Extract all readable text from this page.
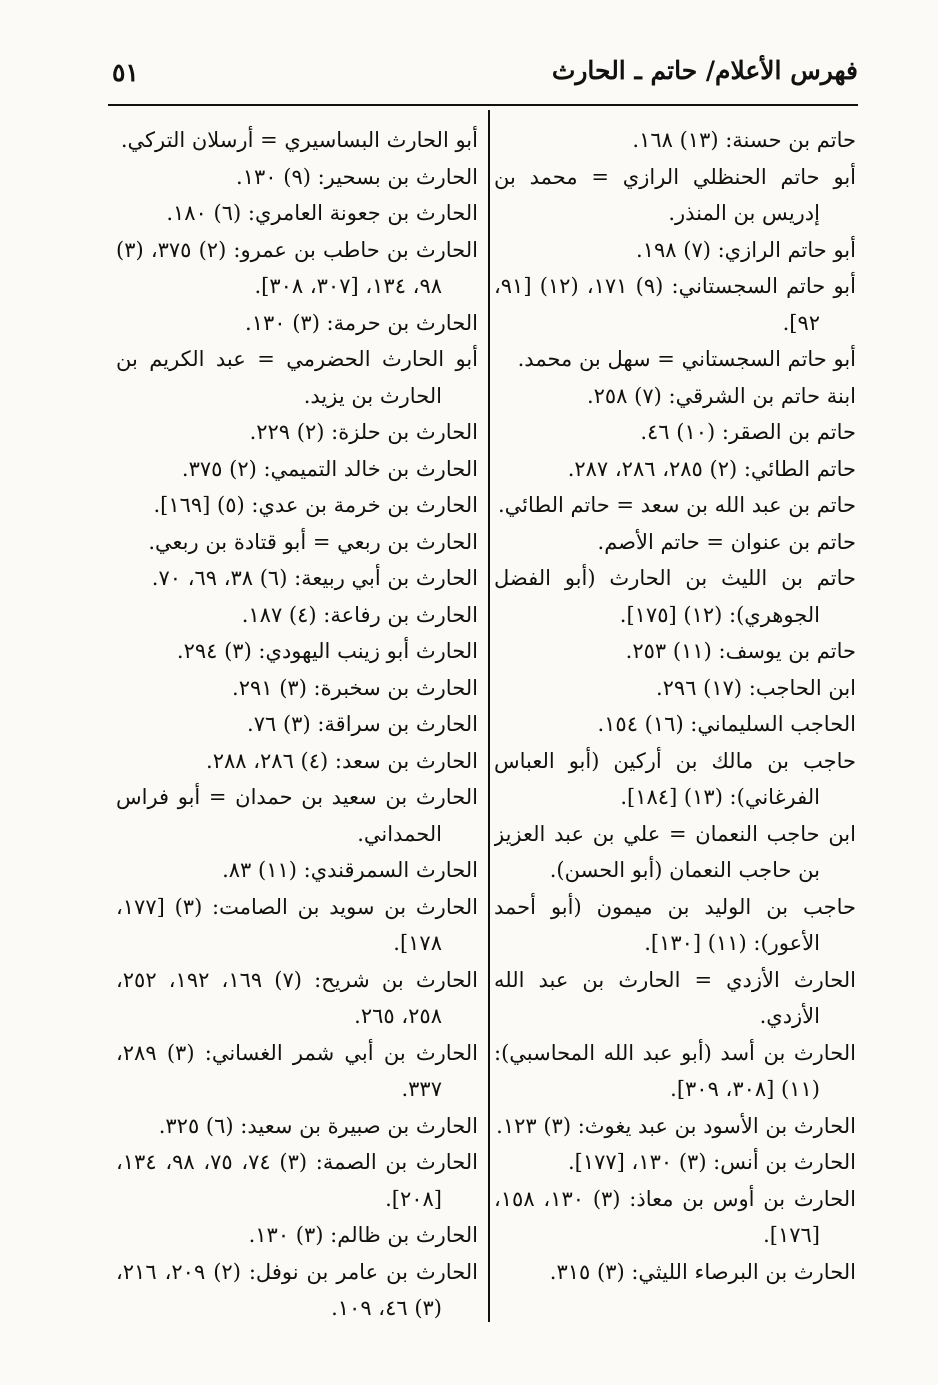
فهرس الأعلام/ حاتم ـ الحارث
٥١
حاتم بن حسنة: (١٣) ١٦٨.
أبو حاتم الحنظلي الرازي = محمد بن إدريس بن المنذر.
أبو حاتم الرازي: (٧) ١٩٨.
أبو حاتم السجستاني: (٩) ١٧١، (١٢) [٩١، ٩٢].
أبو حاتم السجستاني = سهل بن محمد.
ابنة حاتم بن الشرقي: (٧) ٢٥٨.
حاتم بن الصقر: (١٠) ٤٦.
حاتم الطائي: (٢) ٢٨٥، ٢٨٦، ٢٨٧.
حاتم بن عبد الله بن سعد = حاتم الطائي.
حاتم بن عنوان = حاتم الأصم.
حاتم بن الليث بن الحارث (أبو الفضل الجوهري): (١٢) [١٧٥].
حاتم بن يوسف: (١١) ٢٥٣.
ابن الحاجب: (١٧) ٢٩٦.
الحاجب السليماني: (١٦) ١٥٤.
حاجب بن مالك بن أركين (أبو العباس الفرغاني): (١٣) [١٨٤].
ابن حاجب النعمان = علي بن عبد العزيز بن حاجب النعمان (أبو الحسن).
حاجب بن الوليد بن ميمون (أبو أحمد الأعور): (١١) [١٣٠].
الحارث الأزدي = الحارث بن عبد الله الأزدي.
الحارث بن أسد (أبو عبد الله المحاسبي): (١١) [٣٠٨، ٣٠٩].
الحارث بن الأسود بن عبد يغوث: (٣) ١٢٣.
الحارث بن أنس: (٣) ١٣٠، [١٧٧].
الحارث بن أوس بن معاذ: (٣) ١٣٠، ١٥٨، [١٧٦].
الحارث بن البرصاء الليثي: (٣) ٣١٥.
أبو الحارث البساسيري = أرسلان التركي.
الحارث بن بسحير: (٩) ١٣٠.
الحارث بن جعونة العامري: (٦) ١٨٠.
الحارث بن حاطب بن عمرو: (٢) ٣٧٥، (٣) ٩٨، ١٣٤، [٣٠٧، ٣٠٨].
الحارث بن حرمة: (٣) ١٣٠.
أبو الحارث الحضرمي = عبد الكريم بن الحارث بن يزيد.
الحارث بن حلزة: (٢) ٢٢٩.
الحارث بن خالد التميمي: (٢) ٣٧٥.
الحارث بن خرمة بن عدي: (٥) [١٦٩].
الحارث بن ربعي = أبو قتادة بن ربعي.
الحارث بن أبي ربيعة: (٦) ٣٨، ٦٩، ٧٠.
الحارث بن رفاعة: (٤) ١٨٧.
الحارث أبو زينب اليهودي: (٣) ٢٩٤.
الحارث بن سخبرة: (٣) ٢٩١.
الحارث بن سراقة: (٣) ٧٦.
الحارث بن سعد: (٤) ٢٨٦، ٢٨٨.
الحارث بن سعيد بن حمدان = أبو فراس الحمداني.
الحارث السمرقندي: (١١) ٨٣.
الحارث بن سويد بن الصامت: (٣) [١٧٧، ١٧٨].
الحارث بن شريح: (٧) ١٦٩، ١٩٢، ٢٥٢، ٢٥٨، ٢٦٥.
الحارث بن أبي شمر الغساني: (٣) ٢٨٩، ٣٣٧.
الحارث بن صبيرة بن سعيد: (٦) ٣٢٥.
الحارث بن الصمة: (٣) ٧٤، ٧٥، ٩٨، ١٣٤، [٢٠٨].
الحارث بن ظالم: (٣) ١٣٠.
الحارث بن عامر بن نوفل: (٢) ٢٠٩، ٢١٦، (٣) ٤٦، ١٠٩.
